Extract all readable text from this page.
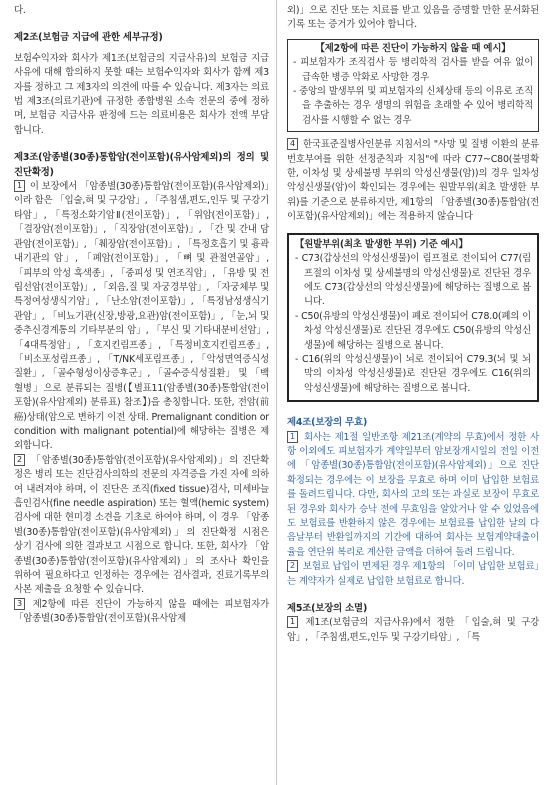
다.

제2조(보험금 지급에 관한 세부규정)

보험수익자와 회사가 제1조(보험금의 지급사유)의 보험금 지급사유에 대해 합의하지 못할 때는 보험수익자와 회사가 함께 제3자를 정하고 그 제3자의 의견에 따를 수 있습니다. 제3자는 의료법 제3조(의료기관)에 규정한 종합병원 소속 전문의 중에 정하며, 보험금 지급사유 판정에 드는 의료비용은 회사가 전액 부담합니다.

제3조(암종별(30종)통합암(전이포함)(유사암제외)의 정의 및 진단확정)

1 이 보장에서 「암종별(30종)통합암(전이포함)(유사암제외)」이라 함은 「입술,혀 및 구강암」, 「주침샘,편도,인두 및 구강기타암」, 「특정소화기암Ⅱ(전이포함)」, 「위암(전이포함)」, 「결장암(전이포함)」, 「직장암(전이포함)」, 「간 및 간내 담관암(전이포함)」, 「췌장암(전이포함)」, 「특정호흡기 및 흉곽내기관의 암」, 「폐암(전이포함)」, 「뼈 및 관절연골암」, 「피부의 악성 흑색종」, 「중피성 및 연조직암」, 「유방 및 전립선암(전이포함)」, 「외음,질 및 자궁경부암」, 「자궁체부 및 특정여성생식기암」, 「난소암(전이포함)」, 「특정남성생식기관암」, 「비뇨기관(신장,방광,요관)암(전이포함)」, 「눈,뇌 및 중추신경계통의 기타부분의 암」, 「부신 및 기타내분비선암」, 「4대특정암」, 「호지킨림프종」, 「특정비호지킨림프종」, 「비소포성림프종」, 「T/NK세포림프종」, 「악성면역증식성질환」, 「골수형성이상증후군」, 「골수증식성질환」 및 「백혈병」으로 분류되는 질병(【별표11(암종별(30종)통합암(전이포함)(유사암제외) 분류표) 참조】)을 총칭합니다. 또한, 전암(前癌)상태(암으로 변하기 이전 상태. Premalignant condition or condition with malignant potential)에 해당하는 질병은 제외합니다.

2 「암종별(30종)통합암(전이포함)(유사암제외)」의 진단확정은 병리 또는 진단검사의학의 전문의 자격증을 가진 자에 의하여 내려져야 하며, 이 진단은 조직(fixed tissue)검사, 미세바늘흡인검사(fine needle aspiration) 또는 혈액(hemic system)검사에 대한 현미경 소견을 기초로 하여야 하며, 이 경우 「암종별(30종)통합암(전이포함)(유사암제외)」의 진단확정 시점은 상기 검사에 의한 결과보고 시점으로 합니다. 또한, 회사가 「암종별(30종)통합암(전이포함)(유사암제외)」의 조사나 확인을 위하여 필요하다고 인정하는 경우에는 검사결과, 진료기록부의 사본 제출을 요청할 수 있습니다.

3 제2항에 따른 진단이 가능하지 않을 때에는 피보험자가 「암종별(30종)통합암(전이포함)(유사암제

외)」으로 진단 또는 치료를 받고 있음을 증명할 만한 문서화된 기록 또는 증거가 있어야 합니다.

【제2항에 따른 진단이 가능하지 않을 때 예시】
- 피보험자가 조직검사 등 병리학적 검사를 받을 여유 없이 급속한 병증 악화로 사망한 경우
- 중앙의 발생부위 및 피보험자의 신체상태 등의 이유로 조직을 추출하는 경우 생명의 위험을 초래할 수 있어 병리학적 검사를 시행할 수 없는 경우

4 한국표준질병사인분류 지침서의 "사망 및 질병 이환의 분류번호부여를 위한 선정준칙과 지침"에 따라 C77~C80(불명확한, 이차성 및 상세불명 부위의 악성신생물(암))의 경우 일차성 악성신생물(암)이 확인되는 경우에는 원발부위(최초 발생한 부위)를 기준으로 분류하지만, 제1항의 「암종별(30종)통합암(전이포함)(유사암제외)」에는 적용하지 않습니다

【원발부위(최초 발생한 부위) 기준 예시】
- C73(갑상선의 악성신생물)이 림프절로 전이되어 C77(림프절의 이차성 및 상세불명의 악성신생물)로 진단된 경우에도 C73(갑상선의 악성신생물)에 해당하는 질병으로 봅니다.
- C50(유방의 악성신생물)이 폐로 전이되어 C78.0(폐의 이차성 악성신생물)로 진단된 경우에도 C50(유방의 악성신생물)에 해당하는 질병으로 봅니다.
- C16(위의 악성신생물)이 뇌로 전이되어 C79.3(뇌 및 뇌막의 이차성 악성신생물)로 진단된 경우에도 C16(위의 악성신생물)에 해당하는 질병으로 봅니다.

제4조(보장의 무효)

1 회사는 제1절 일반조항 제21조(계약의 무효)에서 정한 사항 이외에도 피보험자가 계약일부터 암보장개시일의 전일 이전에 「암종별(30종)통합암(전이포함)(유사암제외)」으로 진단확정되는 경우에는 이 보장을 무효로 하며 이미 납입한 보험료를 돌려드립니다. 다만, 회사의 고의 또는 과실로 보장이 무효로 된 경우와 회사가 승낙 전에 무효임을 알았거나 알 수 있었음에도 보험료를 반환하지 않은 경우에는 보험료를 납입한 날의 다음날부터 반환일까지의 기간에 대하여 회사는 보험계약대출이율을 연단위 복리로 계산한 금액을 더하여 돌려 드립니다.

2 보험료 납입이 면제된 경우 제1항의 「이미 납입한 보험료」는 계약자가 실제로 납입한 보험료로 합니다.

제5조(보장의 소멸)

1 제1조(보험금의 지급사유)에서 정한 「입술,혀 및 구강암」, 「주침샘,편도,인두 및 구강기타암」, 「특
